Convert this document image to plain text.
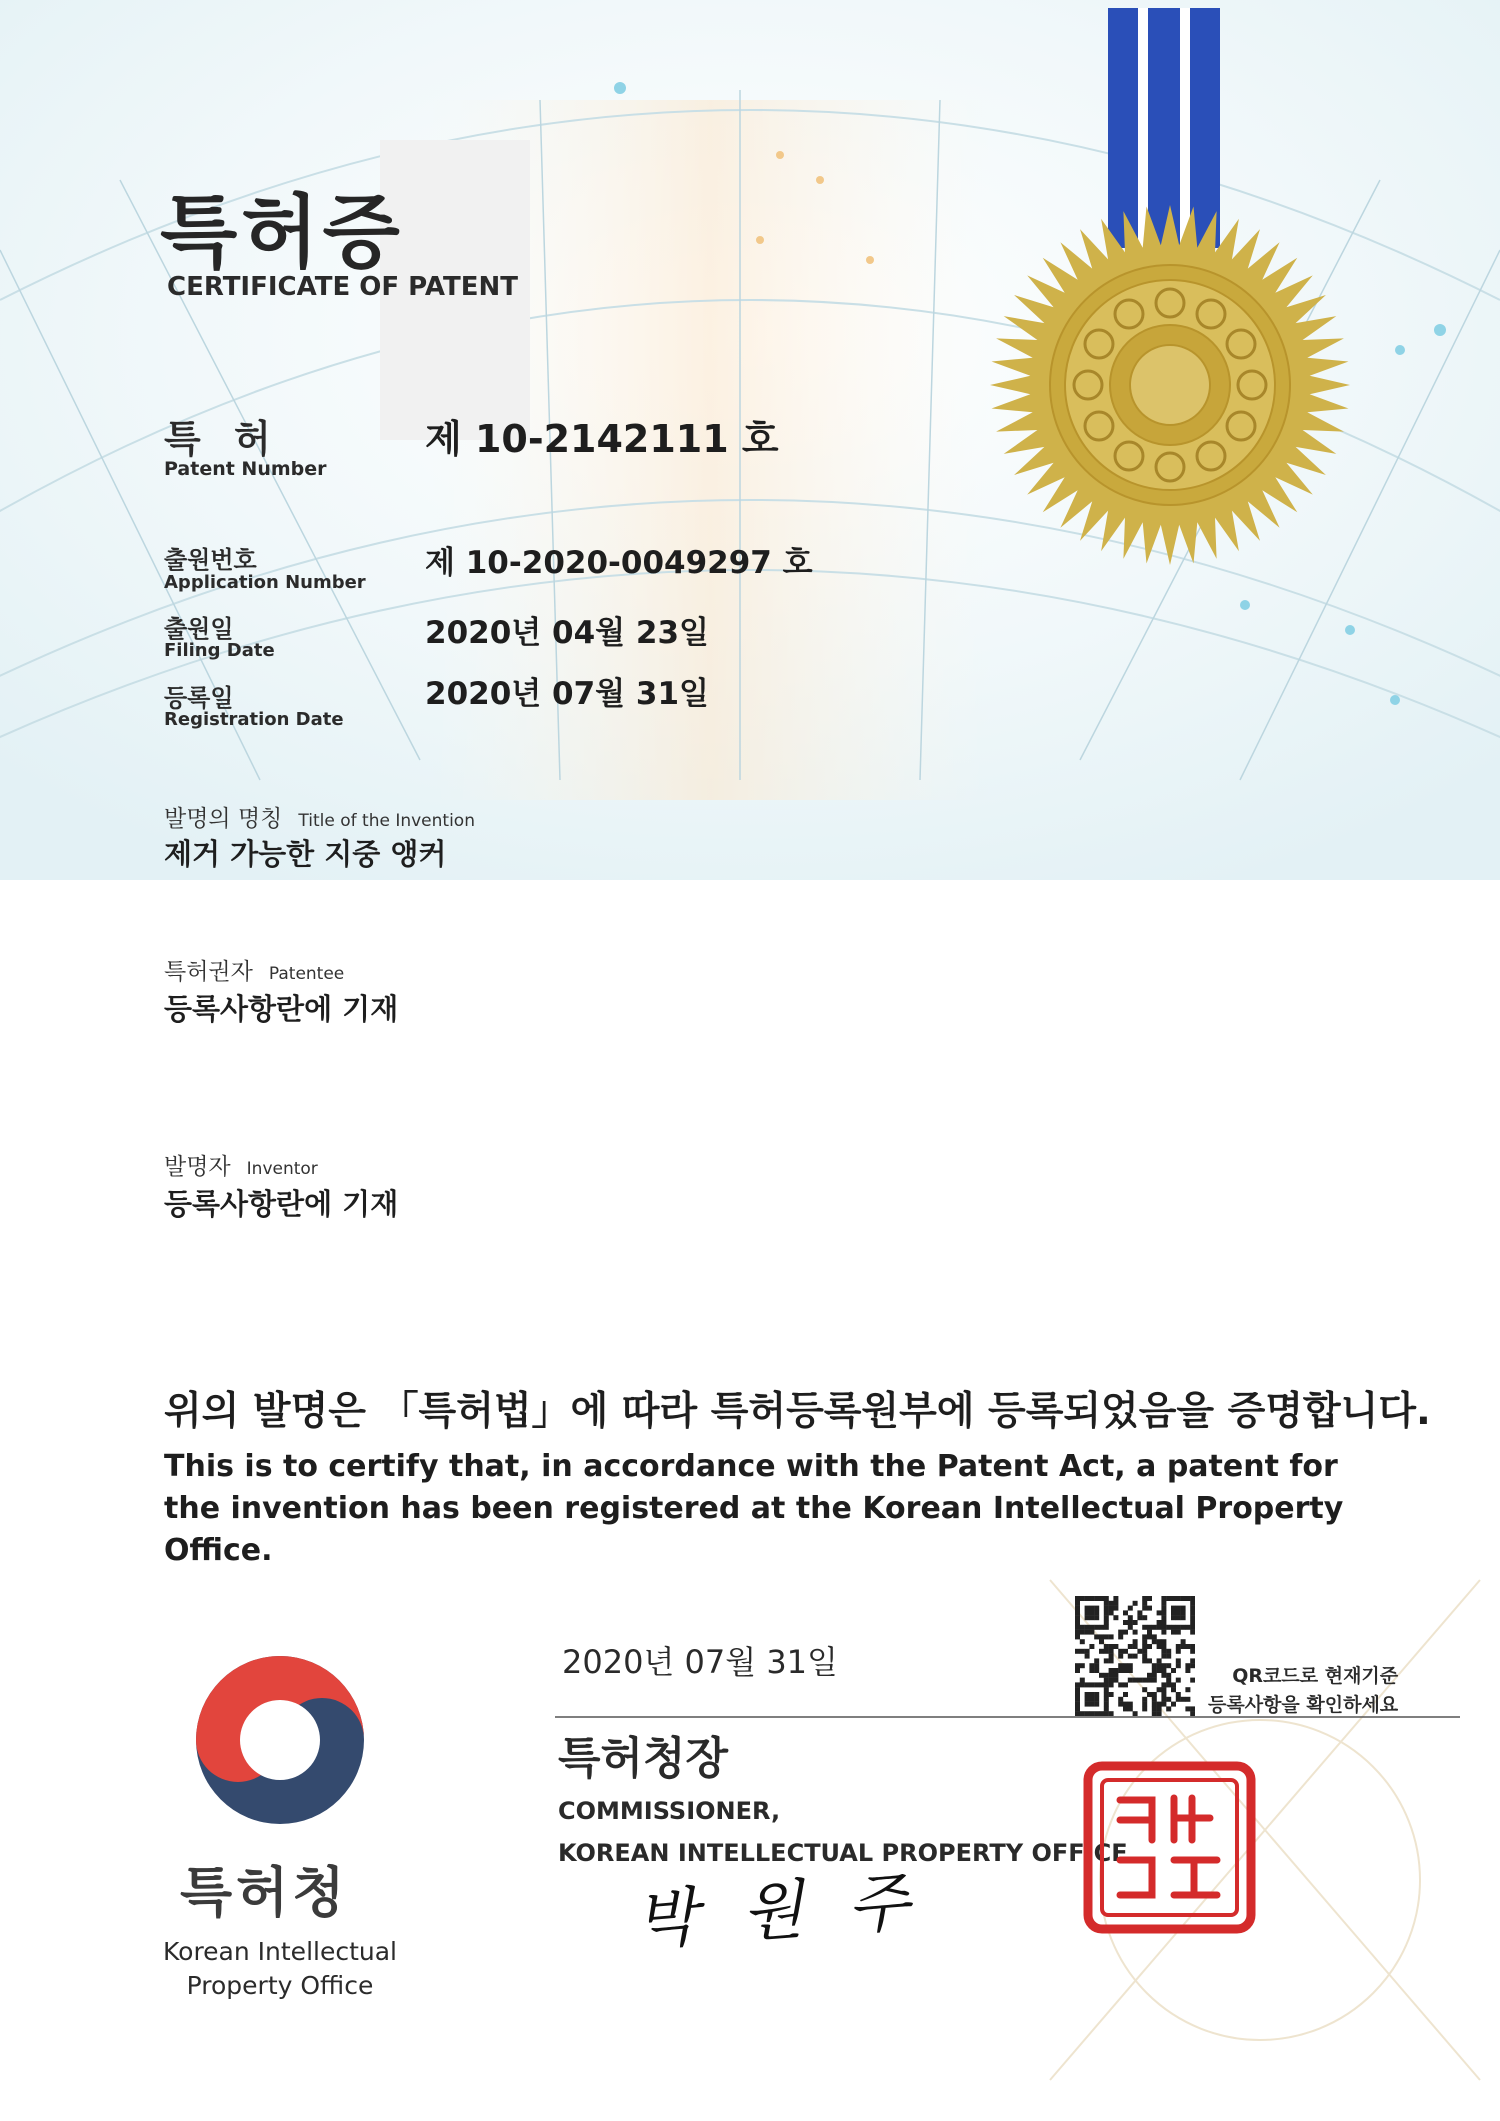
특허증
CERTIFICATE OF PATENT
특 허
Patent Number
제 10-2142111 호
출원번호
Application Number
제 10-2020-0049297 호
출원일
Filing Date	2020년 04월 23일
등록일
Registration Date
2020년 07월 31일
발명의 명칭 Title of the Invention
제거 가능한 지중 앵커
특허권자 Patentee
등록사항란에 기재
발명자 Inventor
등록사항란에 기재
위의 발명은 「특허법」에 따라 특허등록원부에 등록되었음을 증명합니다.
This is to certify that, in accordance with the Patent Act, a patent for the invention has been registered at the Korean Intellectual Property Office.
2020년 07월 31일	QR코드로 현재기준
등록사항을 확인하세요
특허청장
COMMISSIONER,
KOREAN INTELLECTUAL PROPERTY OFFICE
박 원 주
특허청
Korean Intellectual Property Office
